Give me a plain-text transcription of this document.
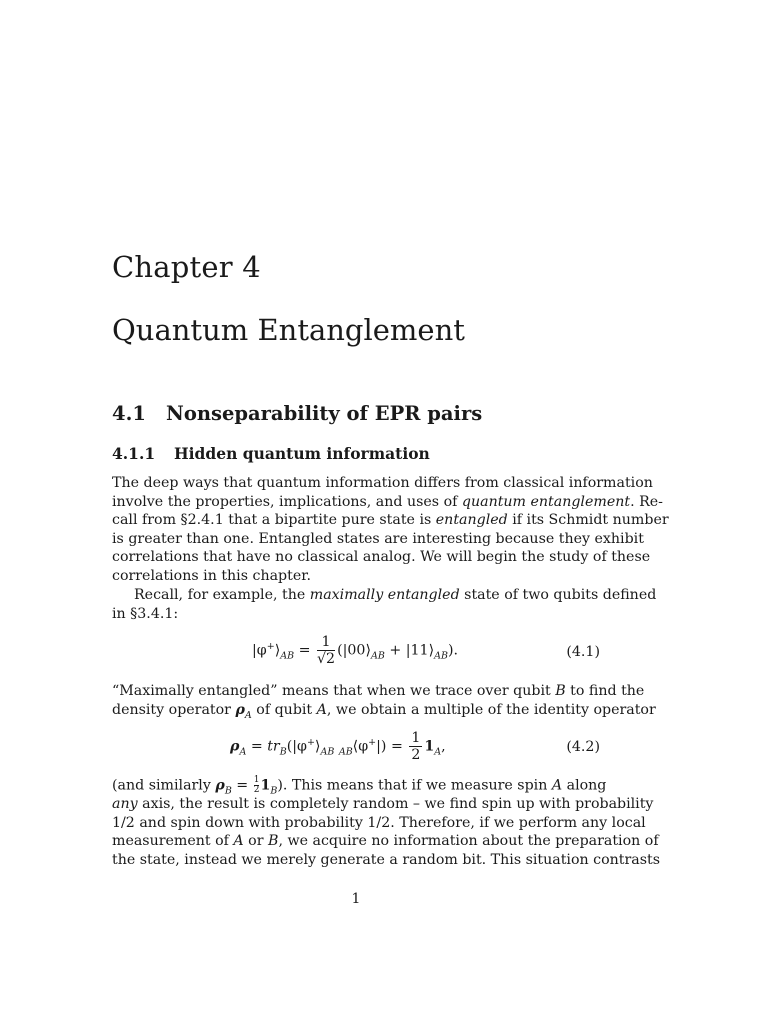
Chapter 4
Quantum Entanglement
4.1 Nonseparability of EPR pairs
4.1.1 Hidden quantum information
The deep ways that quantum information differs from classical information
involve the properties, implications, and uses of quantum entanglement. Re-
call from §2.4.1 that a bipartite pure state is entangled if its Schmidt number
is greater than one. Entangled states are interesting because they exhibit
correlations that have no classical analog. We will begin the study of these
correlations in this chapter.
Recall, for example, the maximally entangled state of two qubits defined
in §3.4.1:
$|\varphi^+⟩_{AB} = \frac{1}{√2}$ ($|00⟩_{AB}$ + $|11⟩_{AB}$).	(4.1)
“Maximally entangled” means that when we trace over qubit B to find the
density operator $\rho_A$ of qubit A, we obtain a multiple of the identity operator
$\rho_A$ = $tr_B(|\varphi^+⟩_{AB}$ $_{AB}$⟨φ+|) = $\frac{1}{2} 1_A$,	(4.2)
(and similarly $\rho_B = \frac{1}{2} 1_B$). This means that if we measure spin A along
any axis, the result is completely random – we find spin up with probability
1/2 and spin down with probability 1/2. Therefore, if we perform any local
measurement of A or B, we acquire no information about the preparation of
the state, instead we merely generate a random bit. This situation contrasts
1
